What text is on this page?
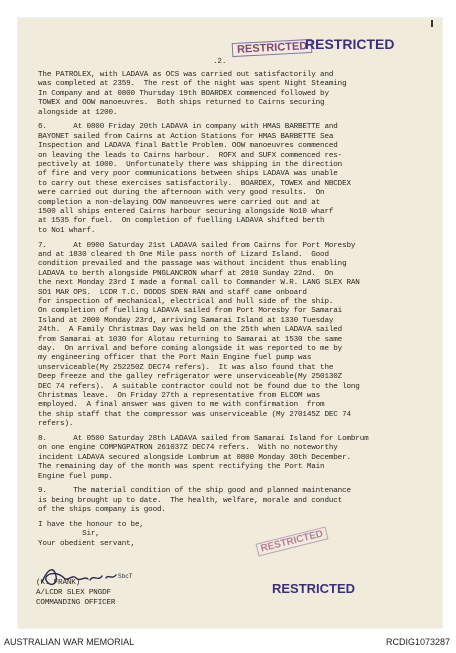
.2.
RESTRICTED
RESTRICTED
The PATROLEX, with LADAVA as OCS was carried out satisfactorily and
was completed at 2359.  The rest of the night was spent Night Steaming
In Company and at 0800 Thursday 19th BOARDEX commenced followed by
TOWEX and OOW manoeuvres.  Both ships returned to Cairns securing
alongside at 1200.
6.      At 0800 Friday 20th LADAVA in company with HMAS BARBETTE and
BAYONET sailed from Cairns at Action Stations for HMAS BARBETTE Sea
Inspection and LADAVA final Battle Problem. OOW manoeuvres commenced
on leaving the leads to Cairns harbour.  ROFX and SUFX commenced res-
pectively at 1000.  Unfortunately there was shipping in the direction
of fire and very poor communications between ships LADAVA was unable
to carry out these exercises satisfactorily.  BOARDEX, TOWEX and NBCDEX
were carried out during the afternoon with very good results.  On
completion a non-delaying OOW manoeuvres were carried out and at
1500 all ships entered Cairns harbour securing alongside No10 wharf
at 1535 for fuel.  On completion of fuelling LADAVA shifted berth
to No1 wharf.
7.      At 0900 Saturday 21st LADAVA sailed from Cairns for Port Moresby
and at 1830 cleared th One Mile pass north of Lizard Island.  Good
condition prevailed and the passage was without incident thus enabling
LADAVA to berth alongside PNGLANCRON wharf at 2010 Sunday 22nd.  On
the next Monday 23rd I made a formal call to Commander W.R. LANG SLEX RAN
SO1 MAR OPS.  LCDR T.C. DODDS SDEN RAN and staff came onboard
for inspection of mechanical, electrical and hull side of the ship.
On completion of fuelling LADAVA sailed from Port Moresby for Samarai
Island at 2000 Monday 23rd, arriving Samarai Island at 1330 Tuesday
24th.  A Family Christmas Day was held on the 25th when LADAVA sailed
from Samarai at 1030 for Alotau returning to Samarai at 1530 the same
day.  On arrival and before coming alongside it was reported to me by
my engineering officer that the Port Main Engine fuel pump was
unserviceable(My 252250Z DEC74 refers).  It was also found that the
Deep freeze and the galley refrigerator were unserviceable(My 250130Z
DEC 74 refers).  A suitable contractor could not be found due to the long
Christmas leave.  On Friday 27th a representative from ELCOM was
employed.  A final answer was given to me with confirmation  from
the ship staff that the compressor was unserviceable (My 270145Z DEC 74
refers).
8.      At 0500 Saturday 28th LADAVA sailed from Samarai Island for Lombrum
on one engine COMPNGPATRON 261037Z DEC74 refers.  With no noteworthy
incident LADAVA secured alongside Lombrum at 0800 Monday 30th December.
The remaining day of the month was spent rectifying the Port Main
Engine fuel pump.
9.      The material condition of the ship good and planned maintenance
is being brought up to date.  The health, welfare, morale and conduct
of the ships company is good.
I have the honour to be,
Sir,
Your obedient servant,
SbcT
(K. FRANK)
A/LCDR SLEX PNGDF
COMMANDING OFFICER
RESTRICTED
RESTRICTED
AUSTRALIAN WAR MEMORIAL	RCDIG1073287
